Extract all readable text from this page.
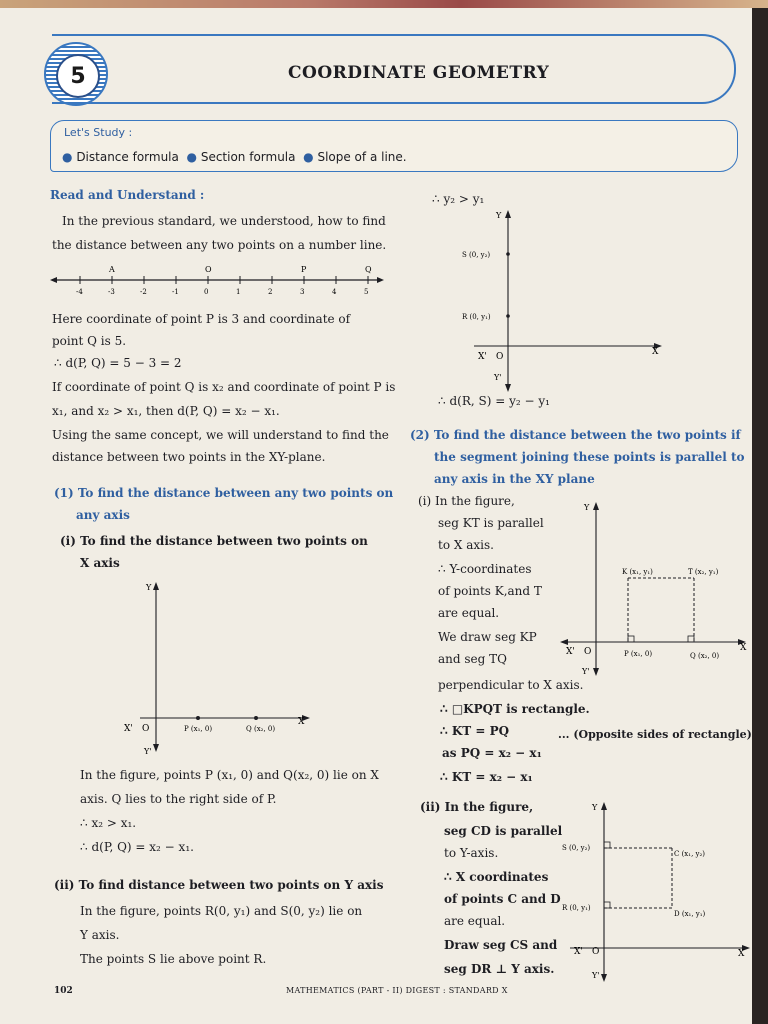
5	COORDINATE GEOMETRY
Let's Study :
● Distance formula ● Section formula ● Slope of a line.
Read and Understand :
In the previous standard, we understood, how to find
the distance between any two points on a number line.
-4	-3	-2	-1	0	1	2	3	4	5
A	O	P	Q
Here coordinate of point P is 3 and coordinate of
point Q is 5.
∴ d(P, Q) = 5 − 3 = 2
If coordinate of point Q is x₂ and coordinate of point P is
x₁, and x₂ > x₁, then d(P, Q) = x₂ − x₁.
Using the same concept, we will understand to find the
distance between two points in the XY-plane.
(1) To find the distance between any two points on
any axis
(i) To find the distance between two points on
X axis
Y
X' O	P (x₁, 0)	Q (x₂, 0)
X
Y'
In the figure, points P (x₁, 0) and Q(x₂, 0) lie on X
axis. Q lies to the right side of P.
∴ x₂ > x₁.
∴ d(P, Q) = x₂ − x₁.
(ii) To find distance between two points on Y axis
In the figure, points R(0, y₁) and S(0, y₂) lie on
Y axis.
The points S lie above point R.
∴ y₂ > y₁
Y
S (0, y₂)
R (0, y₁)
X' O	X
Y'
∴ d(R, S) = y₂ − y₁
(2) To find the distance between the two points if
the segment joining these points is parallel to
any axis in the XY plane
(i) In the figure,
seg KT is parallel
to X axis.
∴ Y-coordinates
of points K,and T
are equal.
We draw seg KP
and seg TQ
perpendicular to X axis.
Y
K (x₁, y₁)	T (x₂, y₁)
X' O	P (x₁, 0)	Q (x₂, 0)
X
Y'
∴ □KPQT is rectangle.
∴ KT = PQ	... (Opposite sides of rectangle)
as PQ = x₂ − x₁
∴ KT = x₂ − x₁
(ii) In the figure,
seg CD is parallel
to Y-axis.
∴ X coordinates
of points C and D
are equal.
Draw seg CS and
seg DR ⊥ Y axis.
Y
S (0, y₂)
C (x₁, y₂)
R (0, y₁)
D (x₁, y₁)
X' O	X
Y'
102	MATHEMATICS (PART - II) DIGEST : STANDARD X
